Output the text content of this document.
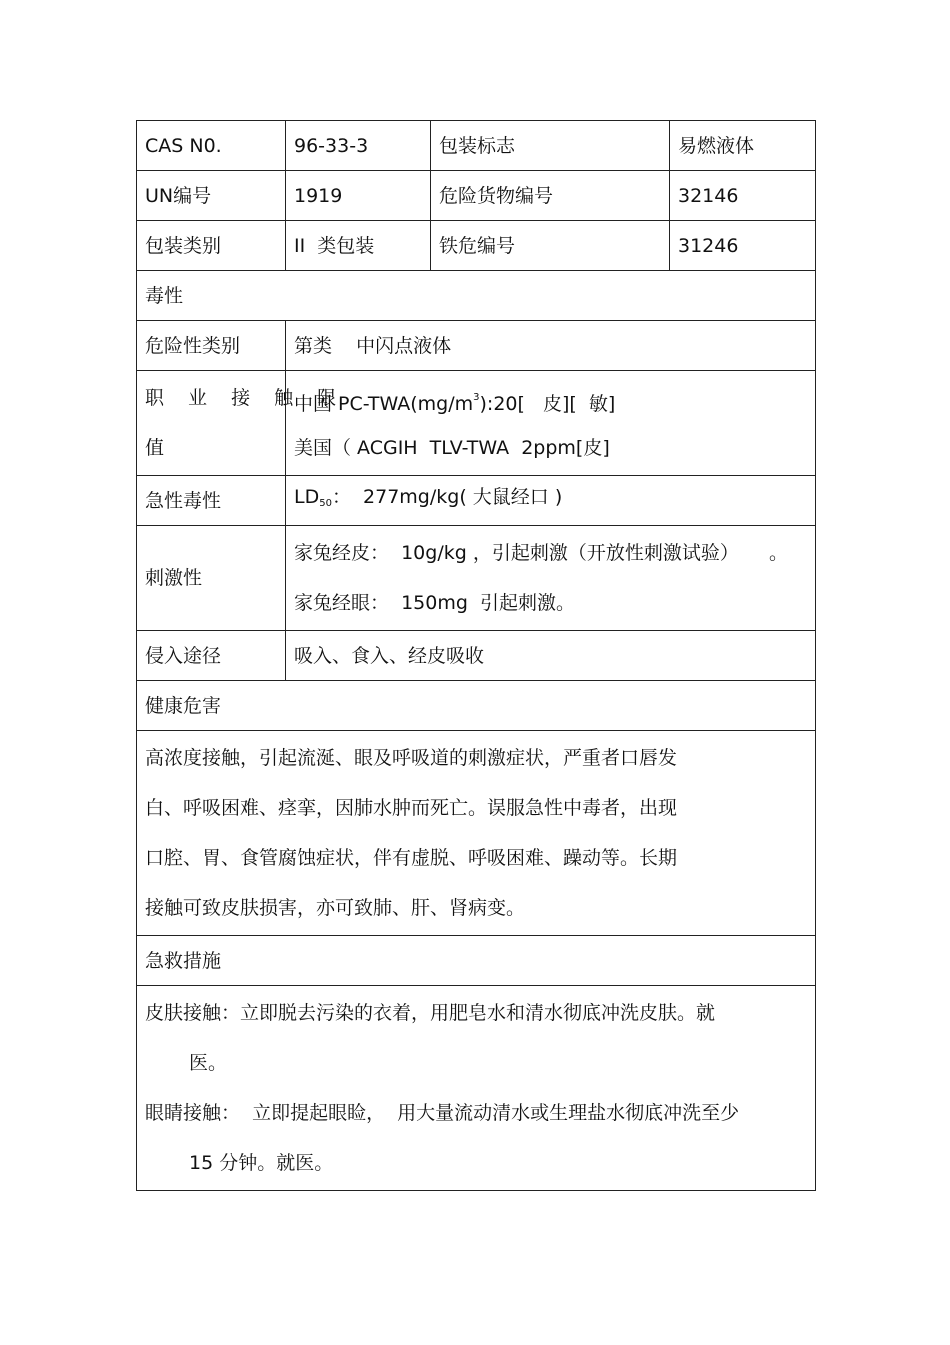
CAS N0.	96-33-3	包装标志	易燃液体
UN编号	1919	危险货物编号	32146
包装类别	II  类包装	铁危编号	31246
毒性			
危险性类别	第类    中闪点液体		

职 业 接 触 限
值	中国 $PC-TWA(mg/m^3):20$[   皮][  敏]
美国（ ACGIH  TLV-TWA  2ppm[皮]		

急性毒性	$LD_{50}$：  277mg/kg( 大鼠经口 )		
刺激性	家兔经皮：  10g/kg ，引起刺激（开放性刺激试验）     。
家兔经眼：  150mg  引起刺激。		

侵入途径	吸入、食入、经皮吸收		
健康危害			

高浓度接触，引起流涎、眼及呼吸道的刺激症状，严重者口唇发
白、呼吸困难、痉挛，因肺水肿而死亡。误服急性中毒者，出现
口腔、胃、食管腐蚀症状，伴有虚脱、呼吸困难、躁动等。长期
接触可致皮肤损害，亦可致肺、肝、肾病变。			

急救措施			

皮肤接触：立即脱去污染的衣着，用肥皂水和清水彻底冲洗皮肤。就
医。
眼睛接触：  立即提起眼睑，  用大量流动清水或生理盐水彻底冲洗至少
15 分钟。就医。			
